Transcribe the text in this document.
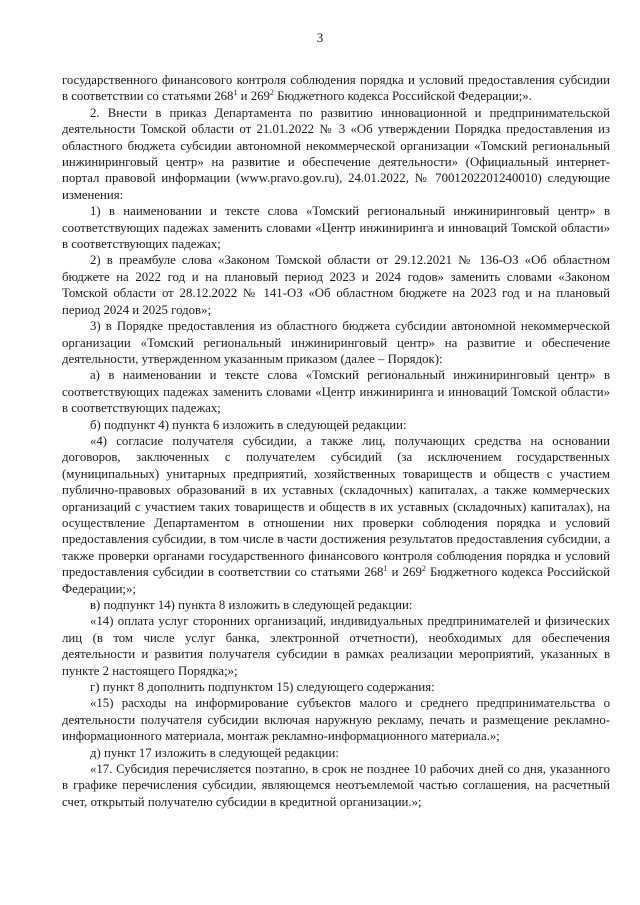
3

государственного финансового контроля соблюдения порядка и условий предоставления субсидии в соответствии со статьями $268^1$ и $269^2$ Бюджетного кодекса Российской Федерации;».

2. Внести в приказ Департамента по развитию инновационной и предпринимательской деятельности Томской области от 21.01.2022 № 3 «Об утверждении Порядка предоставления из областного бюджета субсидии автономной некоммерческой организации «Томский региональный инжиниринговый центр» на развитие и обеспечение деятельности» (Официальный интернет-портал правовой информации (www.pravo.gov.ru), 24.01.2022, № 7001202201240010) следующие изменения:

1) в наименовании и тексте слова «Томский региональный инжиниринговый центр» в соответствующих падежах заменить словами «Центр инжиниринга и инноваций Томской области» в соответствующих падежах;

2) в преамбуле слова «Законом Томской области от 29.12.2021 № 136-ОЗ «Об областном бюджете на 2022 год и на плановый период 2023 и 2024 годов» заменить словами «Законом Томской области от 28.12.2022 № 141-ОЗ «Об областном бюджете на 2023 год и на плановый период 2024 и 2025 годов»;

3) в Порядке предоставления из областного бюджета субсидии автономной некоммерческой организации «Томский региональный инжиниринговый центр» на развитие и обеспечение деятельности, утвержденном указанным приказом (далее – Порядок):

а) в наименовании и тексте слова «Томский региональный инжиниринговый центр» в соответствующих падежах заменить словами «Центр инжиниринга и инноваций Томской области» в соответствующих падежах;

б) подпункт 4) пункта 6 изложить в следующей редакции:

«4) согласие получателя субсидии, а также лиц, получающих средства на основании договоров, заключенных с получателем субсидий (за исключением государственных (муниципальных) унитарных предприятий, хозяйственных товариществ и обществ с участием публично-правовых образований в их уставных (складочных) капиталах, а также коммерческих организаций с участием таких товариществ и обществ в их уставных (складочных) капиталах), на осуществление Департаментом в отношении них проверки соблюдения порядка и условий предоставления субсидии, в том числе в части достижения результатов предоставления субсидии, а также проверки органами государственного финансового контроля соблюдения порядка и условий предоставления субсидии в соответствии со статьями $268^1$ и $269^2$ Бюджетного кодекса Российской Федерации;»;

в) подпункт 14) пункта 8 изложить в следующей редакции:

«14) оплата услуг сторонних организаций, индивидуальных предпринимателей и физических лиц (в том числе услуг банка, электронной отчетности), необходимых для обеспечения деятельности и развития получателя субсидии в рамках реализации мероприятий, указанных в пункте 2 настоящего Порядка;»;

г) пункт 8 дополнить подпунктом 15) следующего содержания:

«15) расходы на информирование субъектов малого и среднего предпринимательства о деятельности получателя субсидии включая наружную рекламу, печать и размещение рекламно-информационного материала, монтаж рекламно-информационного материала.»;

д) пункт 17 изложить в следующей редакции:

«17. Субсидия перечисляется поэтапно, в срок не позднее 10 рабочих дней со дня, указанного в графике перечисления субсидии, являющемся неотъемлемой частью соглашения, на расчетный счет, открытый получателю субсидии в кредитной организации.»;
